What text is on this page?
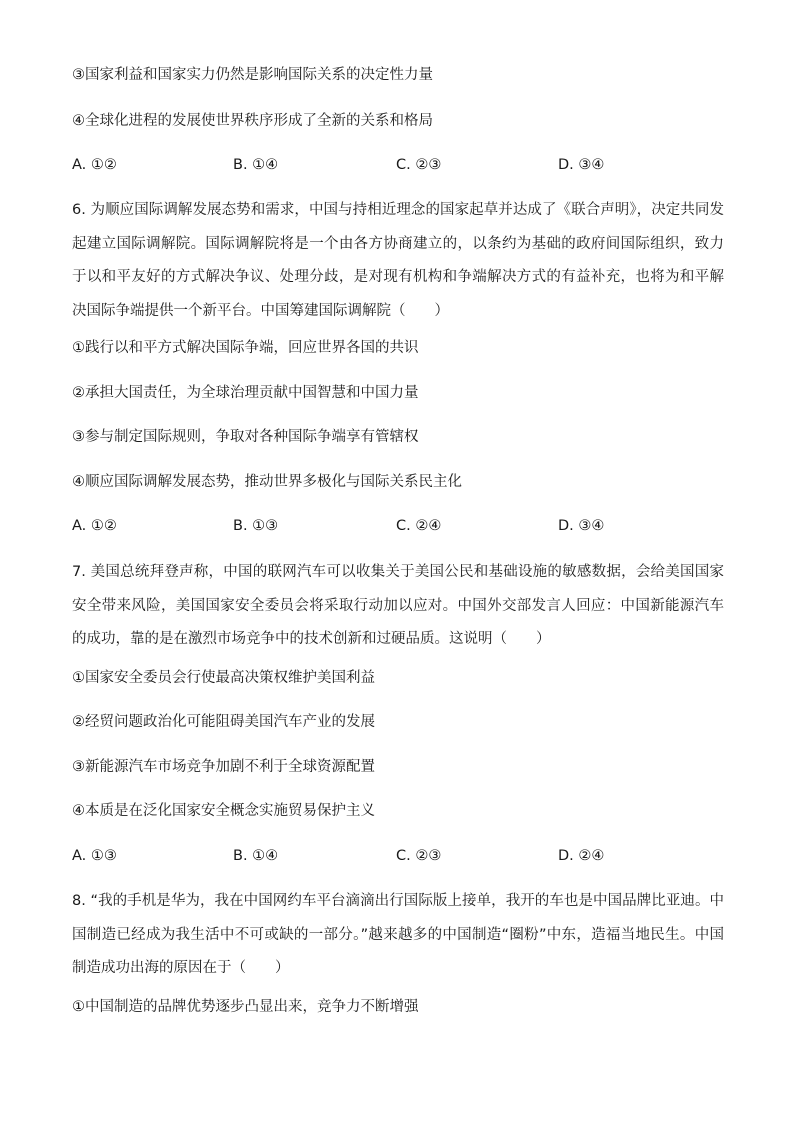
③国家利益和国家实力仍然是影响国际关系的决定性力量
④全球化进程的发展使世界秩序形成了全新的关系和格局
A. ①②	B. ①④	C. ②③	D. ③④
6. 为顺应国际调解发展态势和需求，中国与持相近理念的国家起草并达成了《联合声明》，决定共同发起建立国际调解院。国际调解院将是一个由各方协商建立的，以条约为基础的政府间国际组织，致力于以和平友好的方式解决争议、处理分歧，是对现有机构和争端解决方式的有益补充，也将为和平解决国际争端提供一个新平台。中国筹建国际调解院（　　）
①践行以和平方式解决国际争端，回应世界各国的共识
②承担大国责任，为全球治理贡献中国智慧和中国力量
③参与制定国际规则，争取对各种国际争端享有管辖权
④顺应国际调解发展态势，推动世界多极化与国际关系民主化
A. ①②	B. ①③	C. ②④	D. ③④
7. 美国总统拜登声称，中国的联网汽车可以收集关于美国公民和基础设施的敏感数据，会给美国国家安全带来风险，美国国家安全委员会将采取行动加以应对。中国外交部发言人回应：中国新能源汽车的成功，靠的是在激烈市场竞争中的技术创新和过硬品质。这说明（　　）
①国家安全委员会行使最高决策权维护美国利益
②经贸问题政治化可能阻碍美国汽车产业的发展
③新能源汽车市场竞争加剧不利于全球资源配置
④本质是在泛化国家安全概念实施贸易保护主义
A. ①③	B. ①④	C. ②③	D. ②④
8. “我的手机是华为，我在中国网约车平台滴滴出行国际版上接单，我开的车也是中国品牌比亚迪。中国制造已经成为我生活中不可或缺的一部分。”越来越多的中国制造“圈粉”中东，造福当地民生。中国制造成功出海的原因在于（　　）
①中国制造的品牌优势逐步凸显出来，竞争力不断增强
